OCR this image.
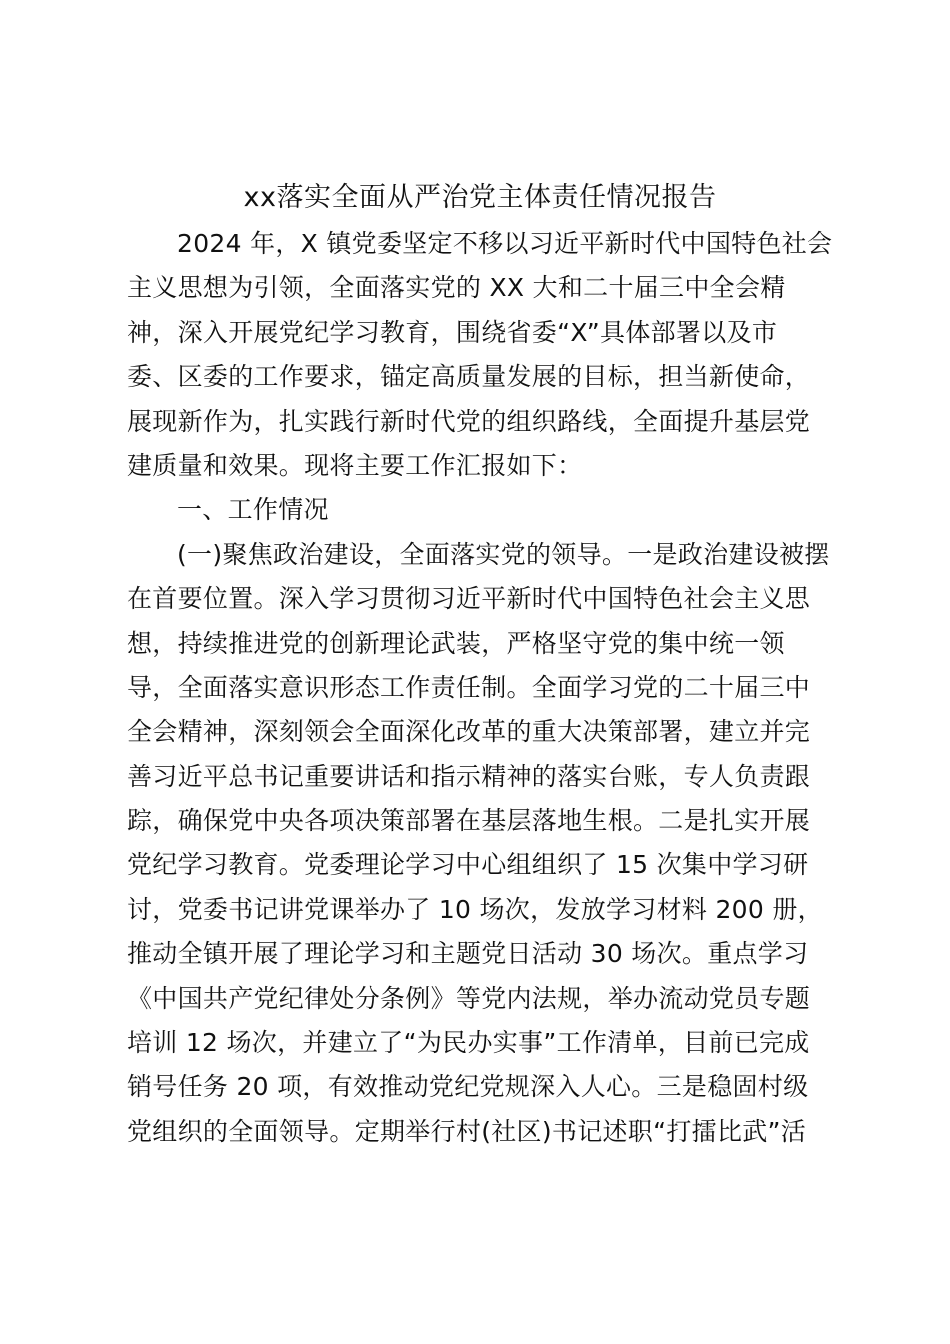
xx落实全面从严治党主体责任情况报告
2024 年，X 镇党委坚定不移以习近平新时代中国特色社会
主义思想为引领，全面落实党的 XX 大和二十届三中全会精
神，深入开展党纪学习教育，围绕省委“X”具体部署以及市
委、区委的工作要求，锚定高质量发展的目标，担当新使命，
展现新作为，扎实践行新时代党的组织路线，全面提升基层党
建质量和效果。现将主要工作汇报如下：
一、工作情况
(一)聚焦政治建设，全面落实党的领导。一是政治建设被摆
在首要位置。深入学习贯彻习近平新时代中国特色社会主义思
想，持续推进党的创新理论武装，严格坚守党的集中统一领
导，全面落实意识形态工作责任制。全面学习党的二十届三中
全会精神，深刻领会全面深化改革的重大决策部署，建立并完
善习近平总书记重要讲话和指示精神的落实台账，专人负责跟
踪，确保党中央各项决策部署在基层落地生根。二是扎实开展
党纪学习教育。党委理论学习中心组组织了 15 次集中学习研
讨，党委书记讲党课举办了 10 场次，发放学习材料 200 册，
推动全镇开展了理论学习和主题党日活动 30 场次。重点学习
《中国共产党纪律处分条例》等党内法规，举办流动党员专题
培训 12 场次，并建立了“为民办实事”工作清单，目前已完成
销号任务 20 项，有效推动党纪党规深入人心。三是稳固村级
党组织的全面领导。定期举行村(社区)书记述职“打擂比武”活
